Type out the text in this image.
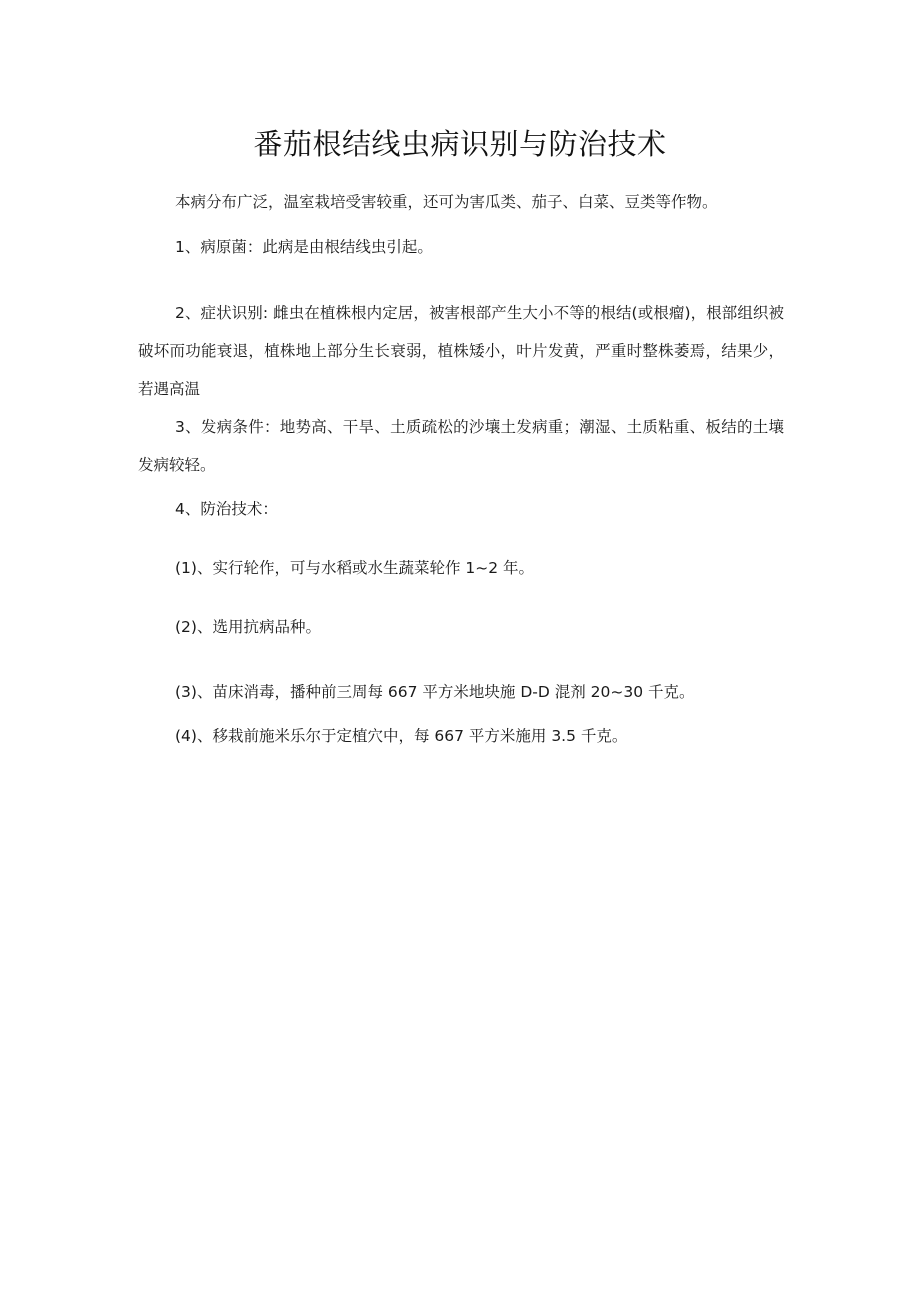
番茄根结线虫病识别与防治技术

本病分布广泛，温室栽培受害较重，还可为害瓜类、茄子、白菜、豆类等作物。

1、病原菌：此病是由根结线虫引起。

2、症状识别: 雌虫在植株根内定居，被害根部产生大小不等的根结(或根瘤)，根部组织被破坏而功能衰退，植株地上部分生长衰弱，植株矮小，叶片发黄，严重时整株萎焉，结果少，若遇高温

3、发病条件：地势高、干旱、土质疏松的沙壤土发病重；潮湿、土质粘重、板结的土壤发病较轻。

4、防治技术：

(1)、实行轮作，可与水稻或水生蔬菜轮作 1~2 年。

(2)、选用抗病品种。

(3)、苗床消毒，播种前三周每 667 平方米地块施 D-D 混剂 20~30 千克。

(4)、移栽前施米乐尔于定植穴中，每 667 平方米施用 3.5 千克。
